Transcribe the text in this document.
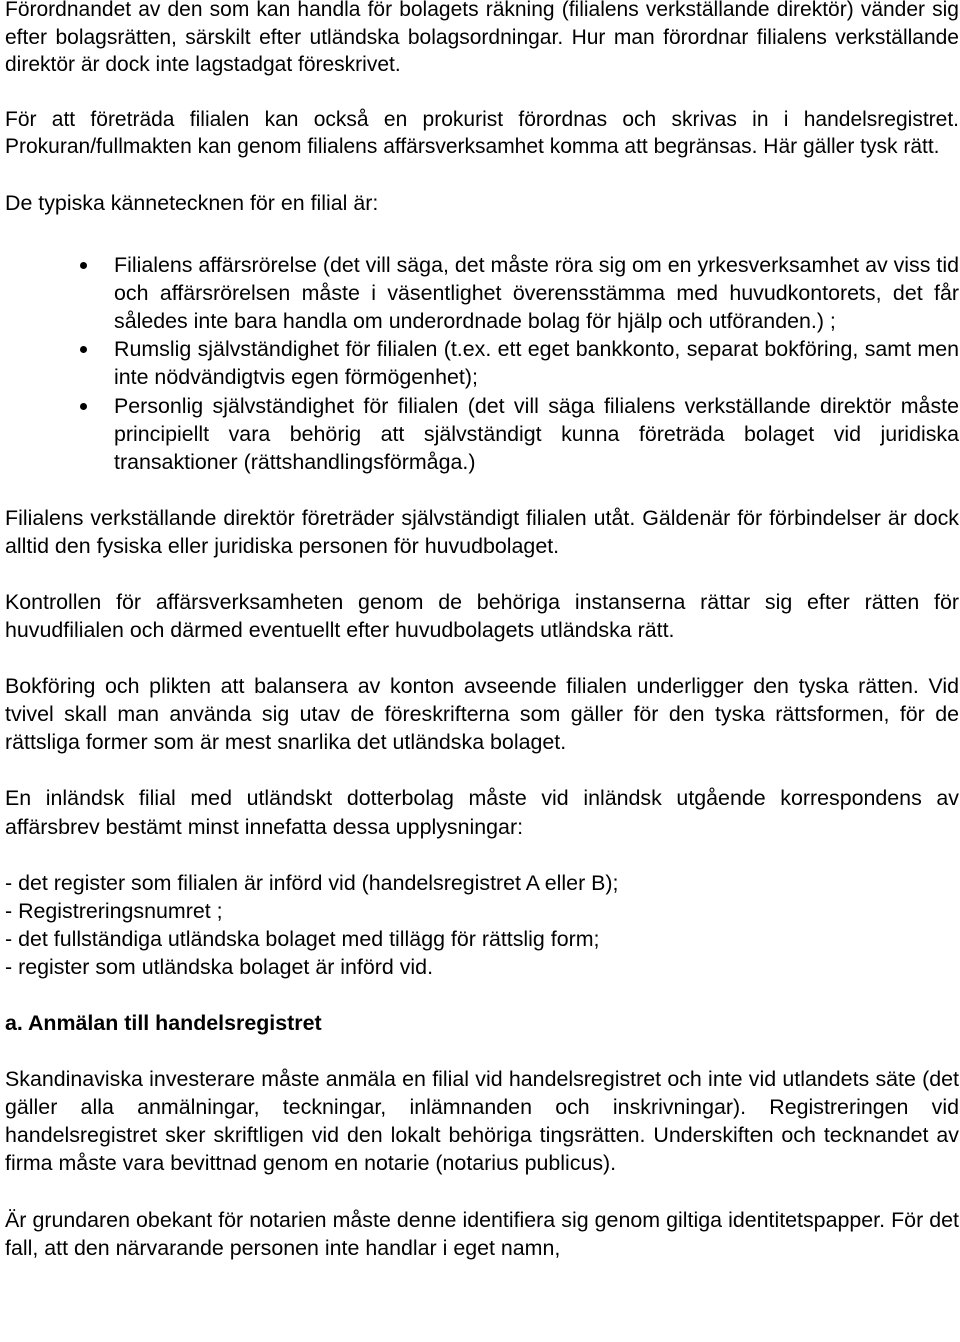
Förordnandet av den som kan handla för bolagets räkning (filialens verkställande direktör) vänder sig efter bolagsrätten, särskilt efter utländska bolagsordningar. Hur man förordnar filialens verkställande direktör är dock inte lagstadgat föreskrivet.

För att företräda filialen kan också en prokurist förordnas och skrivas in i handelsregistret. Prokuran/fullmakten kan genom filialens affärsverksamhet komma att begränsas. Här gäller tysk rätt.

De typiska kännetecknen för en filial är:

Filialens affärsrörelse (det vill säga, det måste röra sig om en yrkesverksamhet av viss tid och affärsrörelsen måste i väsentlighet överensstämma med huvudkontorets, det får således inte bara handla om underordnade bolag för hjälp och utföranden.) ;
Rumslig självständighet för filialen (t.ex. ett eget bankkonto, separat bokföring, samt men inte nödvändigtvis egen förmögenhet);
Personlig självständighet för filialen (det vill säga filialens verkställande direktör måste principiellt vara behörig att självständigt kunna företräda bolaget vid juridiska transaktioner (rättshandlingsförmåga.)

Filialens verkställande direktör företräder självständigt filialen utåt. Gäldenär för förbindelser är dock alltid den fysiska eller juridiska personen för huvudbolaget.

Kontrollen för affärsverksamheten genom de behöriga instanserna rättar sig efter rätten för huvudfilialen och därmed eventuellt efter huvudbolagets utländska rätt.

Bokföring och plikten att balansera av konton avseende filialen underligger den tyska rätten. Vid tvivel skall man använda sig utav de föreskrifterna som gäller för den tyska rättsformen, för de rättsliga former som är mest snarlika det utländska bolaget.

En inländsk filial med utländskt dotterbolag måste vid inländsk utgående korrespondens av affärsbrev bestämt minst innefatta dessa upplysningar:

- det register som filialen är införd vid (handelsregistret A eller B);
- Registreringsnumret ;
- det fullständiga utländska bolaget med tillägg för rättslig form;
- register som utländska bolaget är införd vid.
a. Anmälan till handelsregistret

Skandinaviska investerare måste anmäla en filial vid handelsregistret och inte vid utlandets säte (det gäller alla anmälningar, teckningar, inlämnanden och inskrivningar). Registreringen vid handelsregistret sker skriftligen vid den lokalt behöriga tingsrätten. Underskiften och tecknandet av firma måste vara bevittnad genom en notarie (notarius publicus).

Är grundaren obekant för notarien måste denne identifiera sig genom giltiga identitetspapper. För det fall, att den närvarande personen inte handlar i eget namn,
